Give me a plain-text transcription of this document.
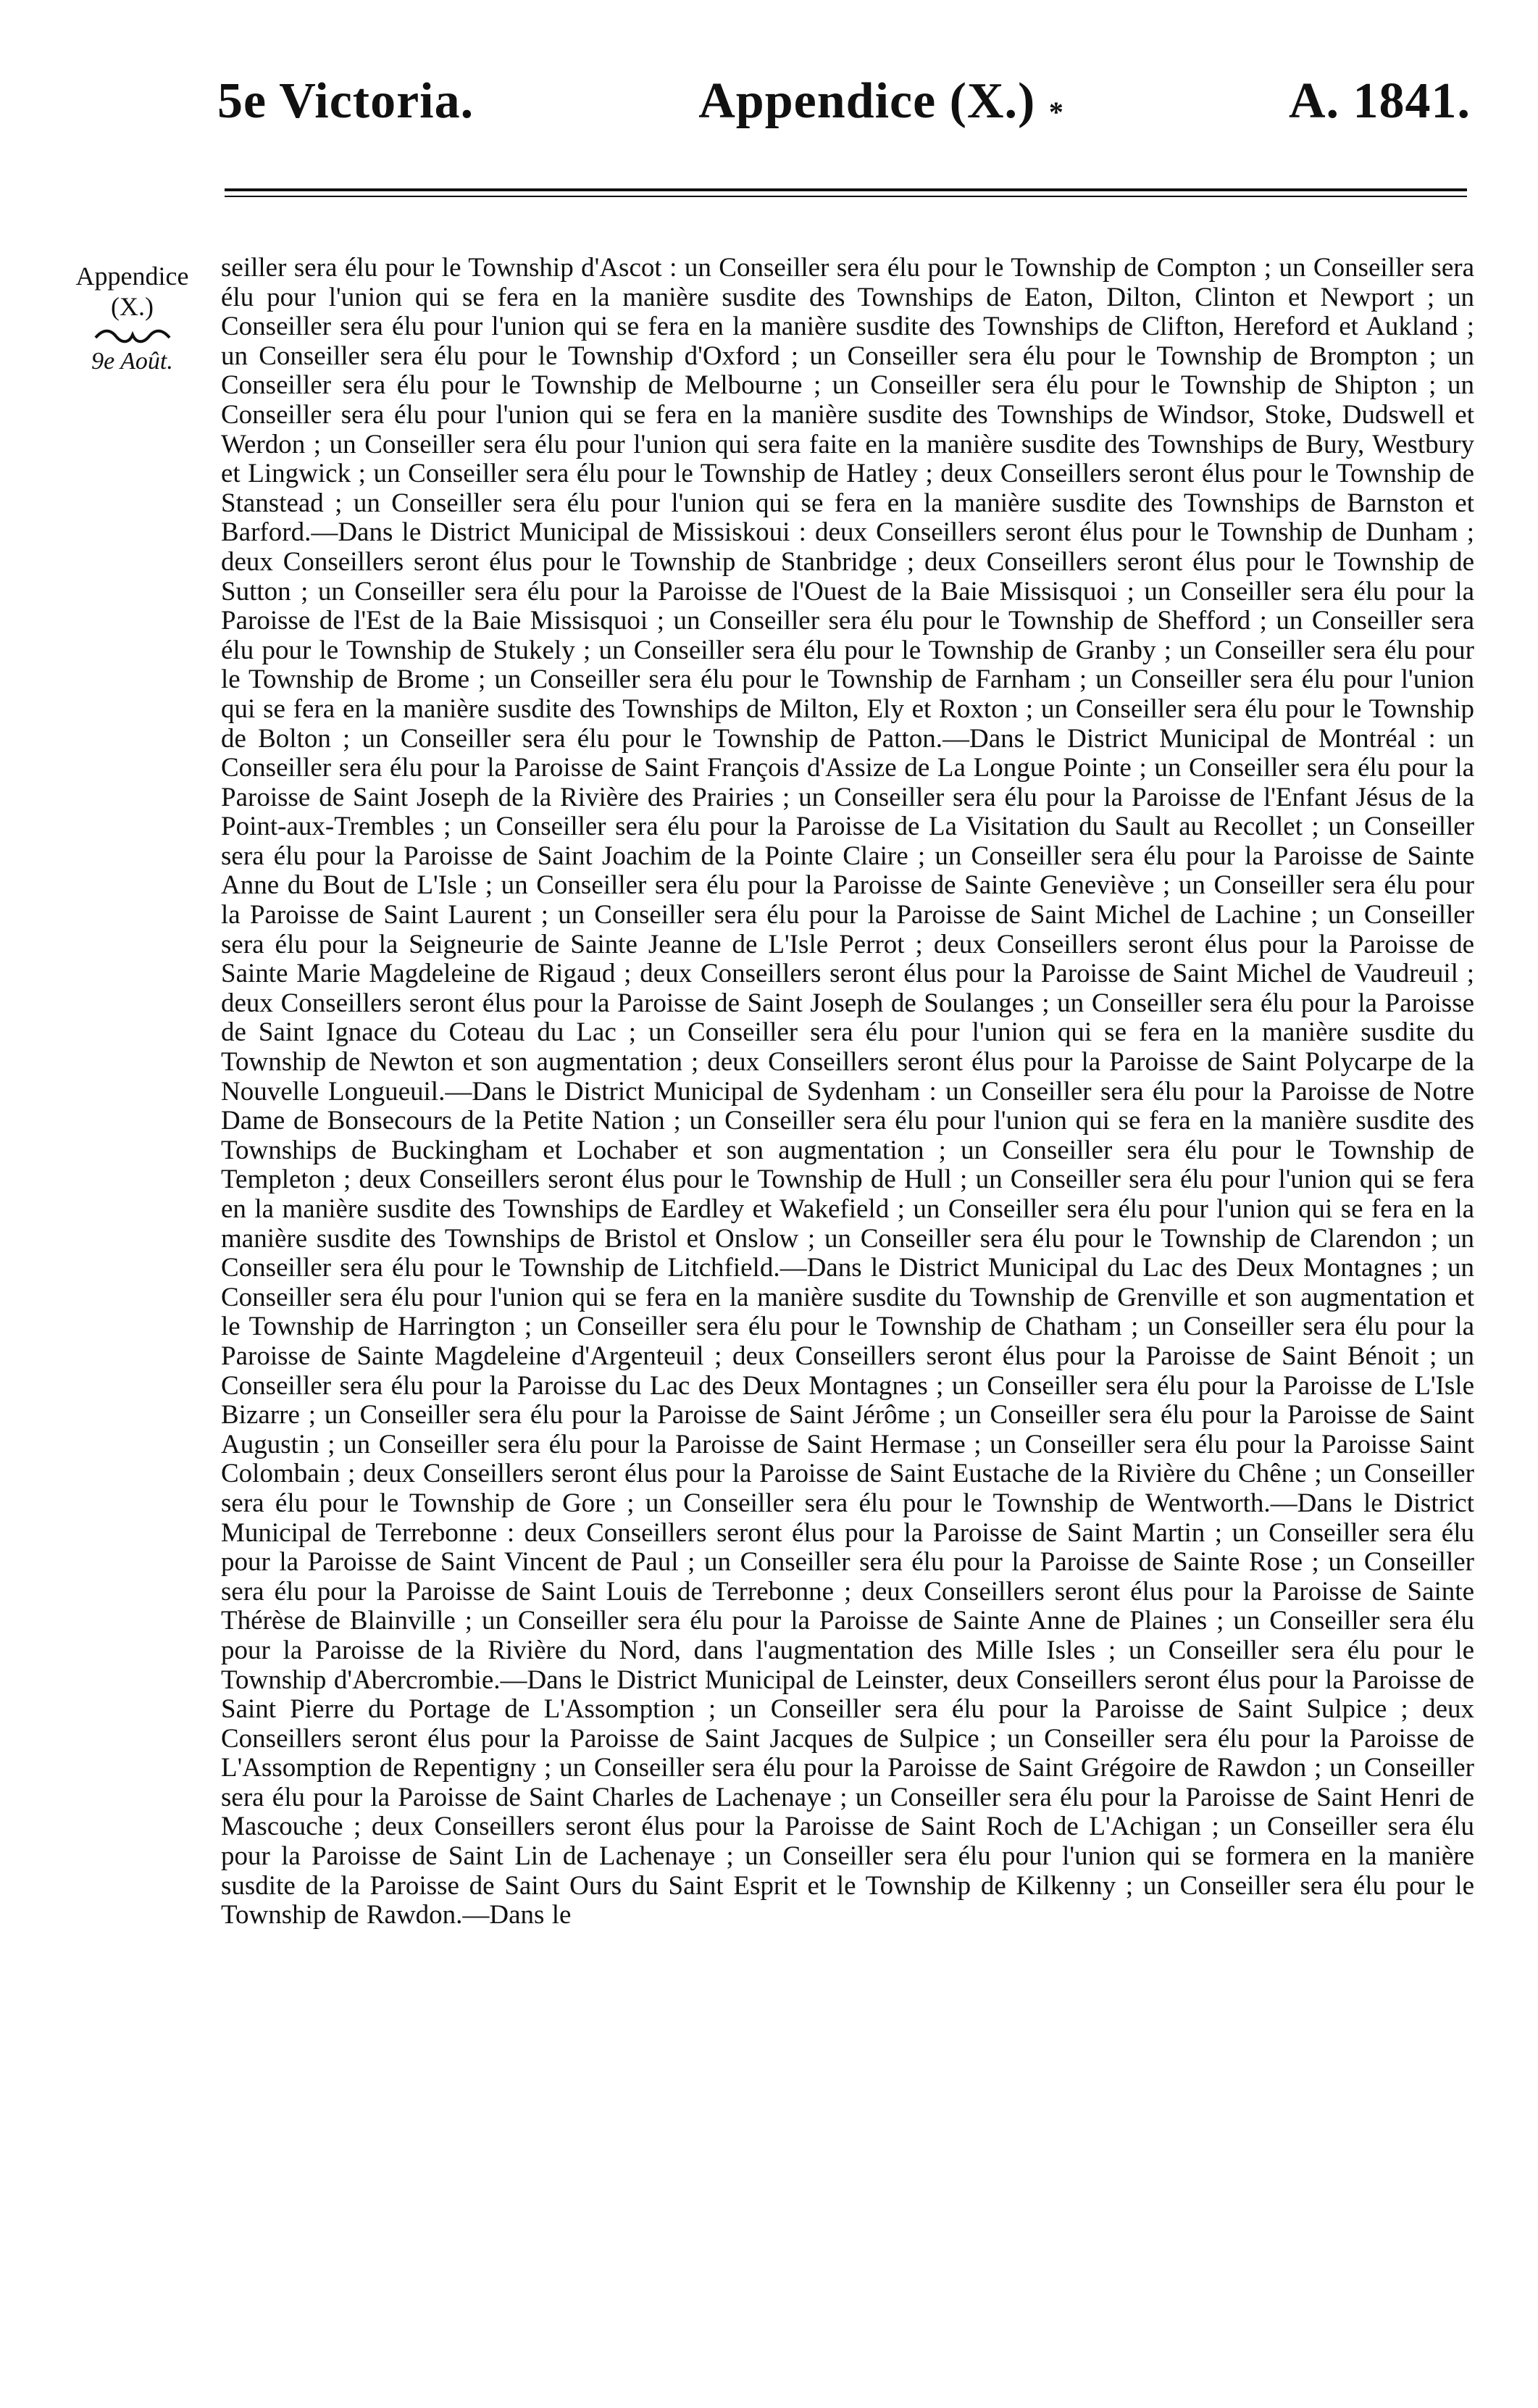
5e Victoria.	Appendice (X.) *	A. 1841.
Appendice
(X.)
9e Août.
seiller sera élu pour le Township d'Ascot : un Conseiller sera élu pour le Township de Compton ; un Conseiller sera élu pour l'union qui se fera en la manière susdite des Townships de Eaton, Dilton, Clinton et Newport ; un Conseiller sera élu pour l'union qui se fera en la manière susdite des Townships de Clifton, Hereford et Aukland ; un Conseiller sera élu pour le Township d'Oxford ; un Conseiller sera élu pour le Township de Brompton ; un Conseiller sera élu pour le Township de Melbourne ; un Conseiller sera élu pour le Township de Shipton ; un Conseiller sera élu pour l'union qui se fera en la manière susdite des Townships de Windsor, Stoke, Dudswell et Werdon ; un Conseiller sera élu pour l'union qui sera faite en la manière susdite des Townships de Bury, Westbury et Lingwick ; un Conseiller sera élu pour le Township de Hatley ; deux Conseillers seront élus pour le Township de Stanstead ; un Conseiller sera élu pour l'union qui se fera en la manière susdite des Townships de Barnston et Barford.—Dans le District Municipal de Missiskoui : deux Conseillers seront élus pour le Township de Dunham ; deux Conseillers seront élus pour le Township de Stanbridge ; deux Conseillers seront élus pour le Township de Sutton ; un Conseiller sera élu pour la Paroisse de l'Ouest de la Baie Missisquoi ; un Conseiller sera élu pour la Paroisse de l'Est de la Baie Missisquoi ; un Conseiller sera élu pour le Township de Shefford ; un Conseiller sera élu pour le Township de Stukely ; un Conseiller sera élu pour le Township de Granby ; un Conseiller sera élu pour le Township de Brome ; un Conseiller sera élu pour le Township de Farnham ; un Conseiller sera élu pour l'union qui se fera en la manière susdite des Townships de Milton, Ely et Roxton ; un Conseiller sera élu pour le Township de Bolton ; un Conseiller sera élu pour le Township de Patton.—Dans le District Municipal de Montréal : un Conseiller sera élu pour la Paroisse de Saint François d'Assize de La Longue Pointe ; un Conseiller sera élu pour la Paroisse de Saint Joseph de la Rivière des Prairies ; un Conseiller sera élu pour la Paroisse de l'Enfant Jésus de la Point-aux-Trembles ; un Conseiller sera élu pour la Paroisse de La Visitation du Sault au Recollet ; un Conseiller sera élu pour la Paroisse de Saint Joachim de la Pointe Claire ; un Conseiller sera élu pour la Paroisse de Sainte Anne du Bout de L'Isle ; un Conseiller sera élu pour la Paroisse de Sainte Geneviève ; un Conseiller sera élu pour la Paroisse de Saint Laurent ; un Conseiller sera élu pour la Paroisse de Saint Michel de Lachine ; un Conseiller sera élu pour la Seigneurie de Sainte Jeanne de L'Isle Perrot ; deux Conseillers seront élus pour la Paroisse de Sainte Marie Magdeleine de Rigaud ; deux Conseillers seront élus pour la Paroisse de Saint Michel de Vaudreuil ; deux Conseillers seront élus pour la Paroisse de Saint Joseph de Soulanges ; un Conseiller sera élu pour la Paroisse de Saint Ignace du Coteau du Lac ; un Conseiller sera élu pour l'union qui se fera en la manière susdite du Township de Newton et son augmentation ; deux Conseillers seront élus pour la Paroisse de Saint Polycarpe de la Nouvelle Longueuil.—Dans le District Municipal de Sydenham : un Conseiller sera élu pour la Paroisse de Notre Dame de Bonsecours de la Petite Nation ; un Conseiller sera élu pour l'union qui se fera en la manière susdite des Townships de Buckingham et Lochaber et son augmentation ; un Conseiller sera élu pour le Township de Templeton ; deux Conseillers seront élus pour le Township de Hull ; un Conseiller sera élu pour l'union qui se fera en la manière susdite des Townships de Eardley et Wakefield ; un Conseiller sera élu pour l'union qui se fera en la manière susdite des Townships de Bristol et Onslow ; un Conseiller sera élu pour le Township de Clarendon ; un Conseiller sera élu pour le Township de Litchfield.—Dans le District Municipal du Lac des Deux Montagnes ; un Conseiller sera élu pour l'union qui se fera en la manière susdite du Township de Grenville et son augmentation et le Township de Harrington ; un Conseiller sera élu pour le Township de Chatham ; un Conseiller sera élu pour la Paroisse de Sainte Magdeleine d'Argenteuil ; deux Conseillers seront élus pour la Paroisse de Saint Bénoit ; un Conseiller sera élu pour la Paroisse du Lac des Deux Montagnes ; un Conseiller sera élu pour la Paroisse de L'Isle Bizarre ; un Conseiller sera élu pour la Paroisse de Saint Jérôme ; un Conseiller sera élu pour la Paroisse de Saint Augustin ; un Conseiller sera élu pour la Paroisse de Saint Hermase ; un Conseiller sera élu pour la Paroisse Saint Colombain ; deux Conseillers seront élus pour la Paroisse de Saint Eustache de la Rivière du Chêne ; un Conseiller sera élu pour le Township de Gore ; un Conseiller sera élu pour le Township de Wentworth.—Dans le District Municipal de Terrebonne : deux Conseillers seront élus pour la Paroisse de Saint Martin ; un Conseiller sera élu pour la Paroisse de Saint Vincent de Paul ; un Conseiller sera élu pour la Paroisse de Sainte Rose ; un Conseiller sera élu pour la Paroisse de Saint Louis de Terrebonne ; deux Conseillers seront élus pour la Paroisse de Sainte Thérèse de Blainville ; un Conseiller sera élu pour la Paroisse de Sainte Anne de Plaines ; un Conseiller sera élu pour la Paroisse de la Rivière du Nord, dans l'augmentation des Mille Isles ; un Conseiller sera élu pour le Township d'Abercrombie.—Dans le District Municipal de Leinster, deux Conseillers seront élus pour la Paroisse de Saint Pierre du Portage de L'Assomption ; un Conseiller sera élu pour la Paroisse de Saint Sulpice ; deux Conseillers seront élus pour la Paroisse de Saint Jacques de Sulpice ; un Conseiller sera élu pour la Paroisse de L'Assomption de Repentigny ; un Conseiller sera élu pour la Paroisse de Saint Grégoire de Rawdon ; un Conseiller sera élu pour la Paroisse de Saint Charles de Lachenaye ; un Conseiller sera élu pour la Paroisse de Saint Henri de Mascouche ; deux Conseillers seront élus pour la Paroisse de Saint Roch de L'Achigan ; un Conseiller sera élu pour la Paroisse de Saint Lin de Lachenaye ; un Conseiller sera élu pour l'union qui se formera en la manière susdite de la Paroisse de Saint Ours du Saint Esprit et le Township de Kilkenny ; un Conseiller sera élu pour le Township de Rawdon.—Dans le
